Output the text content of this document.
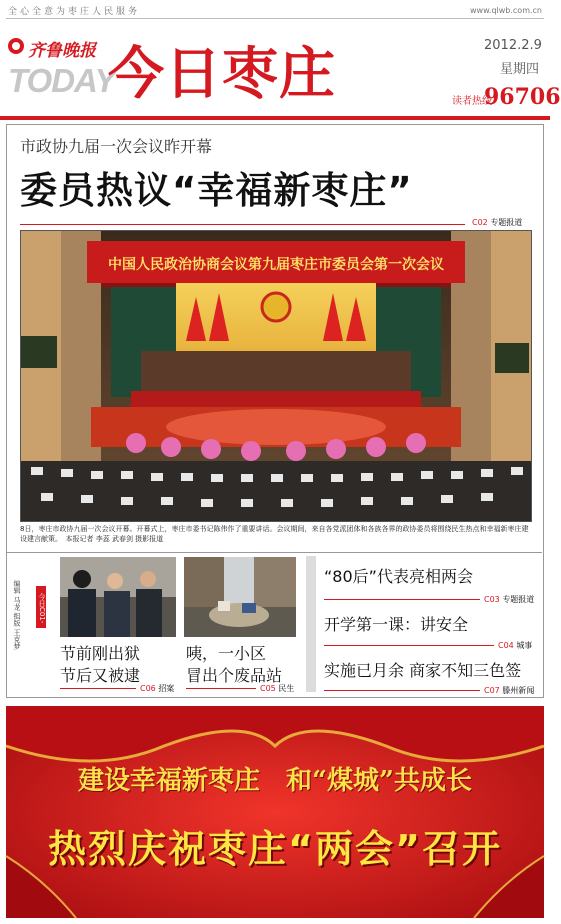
全心全意为枣庄人民服务	www.qlwb.com.cn
齐鲁晚报
TODAY
今日枣庄	2012.2.9
星期四
读者热线
96706
市政协九届一次会议昨开幕
委员热议“幸福新枣庄”
C02 专题报道
中国人民政治协商会议第九届枣庄市委员会第一次会议
8日，枣庄市政协九届一次会议开幕。开幕式上，枣庄市委书记陈伟作了重要讲话。会议期间，来自各党派团体和各族各界的政协委员将围绕民生热点和幸福新枣庄建设建言献策。　 本报记者 李蕊 武春剑 摄影报道
编辑 马龙 组版 王克梦 今日C01-C08版
节前刚出狱
节后又被逮
C06 招案
咦，一小区
冒出个废品站
C05 民生
“80后”代表亮相两会
C03 专题报道
开学第一课：讲安全
C04 城事
实施已月余 商家不知三色签
C07 滕州新闻
建设幸福新枣庄　和“煤城”共成长
热烈庆祝枣庄“两会”召开
